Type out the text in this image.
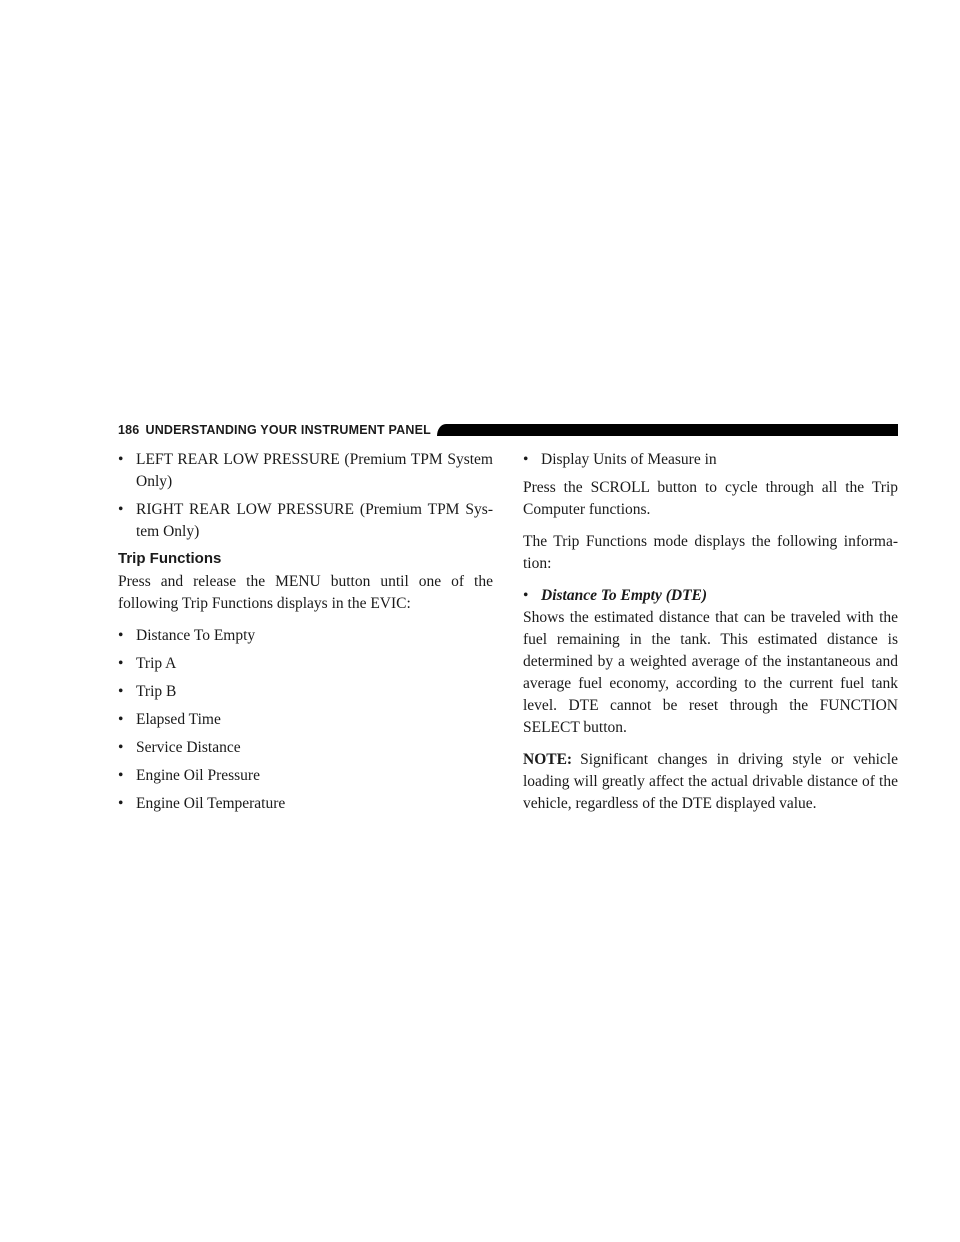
186 UNDERSTANDING YOUR INSTRUMENT PANEL
• LEFT REAR LOW PRESSURE (Premium TPM System Only)
• RIGHT REAR LOW PRESSURE (Premium TPM Sys- tem Only)
Trip Functions

Press and release the MENU button until one of the following Trip Functions displays in the EVIC:

• Distance To Empty
• Trip A
• Trip B
• Elapsed Time
• Service Distance
• Engine Oil Pressure
• Engine Oil Temperature
• Display Units of Measure in

Press the SCROLL button to cycle through all the Trip Computer functions.

The Trip Functions mode displays the following informa- tion:

• Distance To Empty (DTE)

Shows the estimated distance that can be traveled with the fuel remaining in the tank. This estimated distance is determined by a weighted average of the instantaneous and average fuel economy, according to the current fuel tank level. DTE cannot be reset through the FUNCTION SELECT button.

NOTE: Significant changes in driving style or vehicle loading will greatly affect the actual drivable distance of the vehicle, regardless of the DTE displayed value.
